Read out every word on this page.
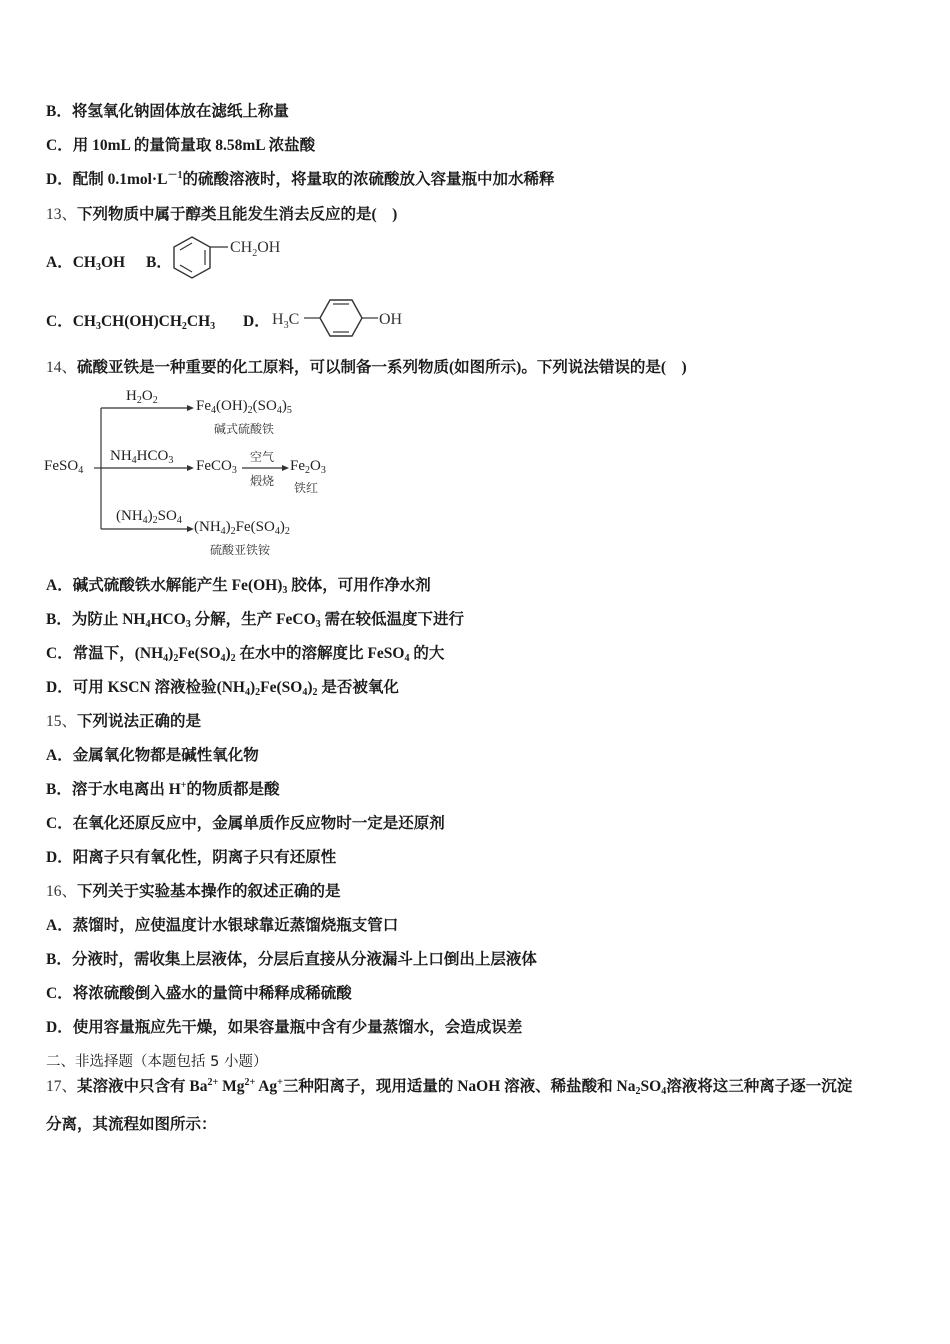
B．将氢氧化钠固体放在滤纸上称量
C．用 10mL 的量筒量取 8.58mL 浓盐酸
D．配制 $0.1mol\cdot L^{-1}$的硫酸溶液时，将量取的浓硫酸放入容量瓶中加水稀释
13、下列物质中属于醇类且能发生消去反应的是(　)
A．$CH_3OH$ B．
$CH_2OH$
C．$CH_3CH(OH)CH_2CH_3$ D． $H_3C$	OH
14、硫酸亚铁是一种重要的化工原料，可以制备一系列物质(如图所示)。下列说法错误的是(　)
FeSO$_4$
$H_2O_2$	$Fe_4(OH)_2(SO_4)_5$
碱式硫酸铁
$NH_4HCO_3$ FeCO$_3$
空气
煅烧
$Fe_2O_3$
铁红
$(NH_4)_2SO_4$ $(NH_4)_2Fe(SO_4)_2$
硫酸亚铁铵
A．碱式硫酸铁水解能产生 $Fe(OH)_3$ 胶体，可用作净水剂
B．为防止 $NH_4HCO_3$ 分解，生产 FeCO$_3$ 需在较低温度下进行
C．常温下，$(NH_4)_2Fe(SO_4)_2$ 在水中的溶解度比 FeSO$_4$ 的大
D．可用 KSCN 溶液检验$(NH_4)_2Fe(SO_4)_2$ 是否被氧化
15、下列说法正确的是
A．金属氧化物都是碱性氧化物
B．溶于水电离出 H+的物质都是酸
C．在氧化还原反应中，金属单质作反应物时一定是还原剂
D．阳离子只有氧化性，阴离子只有还原性
16、下列关于实验基本操作的叙述正确的是
A．蒸馏时，应使温度计水银球靠近蒸馏烧瓶支管口
B．分液时，需收集上层液体，分层后直接从分液漏斗上口倒出上层液体
C．将浓硫酸倒入盛水的量筒中稀释成稀硫酸
D．使用容量瓶应先干燥，如果容量瓶中含有少量蒸馏水，会造成误差
二、非选择题（本题包括 5 小题）
17、某溶液中只含有 $Ba^{2+}$ $Mg^{2+}$ Ag+三种阳离子，现用适量的 NaOH 溶液、稀盐酸和 $Na_2SO_4$溶液将这三种离子逐一沉淀
分离，其流程如图所示：
